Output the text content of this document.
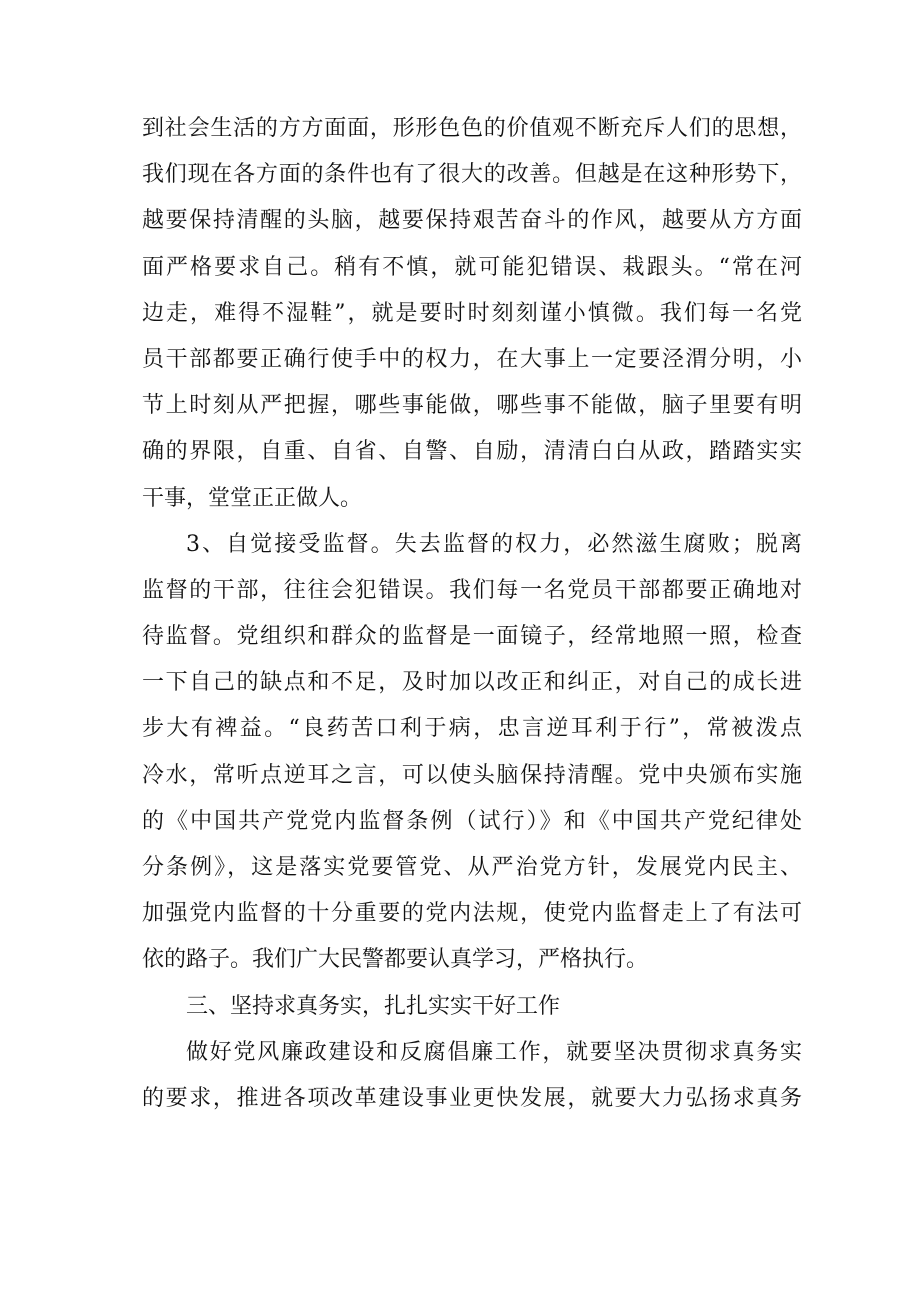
到社会生活的方方面面，形形色色的价值观不断充斥人们的思想，
我们现在各方面的条件也有了很大的改善。但越是在这种形势下，
越要保持清醒的头脑，越要保持艰苦奋斗的作风，越要从方方面
面严格要求自己。稍有不慎，就可能犯错误、栽跟头。“常在河
边走，难得不湿鞋”，就是要时时刻刻谨小慎微。我们每一名党
员干部都要正确行使手中的权力，在大事上一定要泾渭分明，小
节上时刻从严把握，哪些事能做，哪些事不能做，脑子里要有明
确的界限，自重、自省、自警、自励，清清白白从政，踏踏实实
干事，堂堂正正做人。
3、自觉接受监督。失去监督的权力，必然滋生腐败；脱离
监督的干部，往往会犯错误。我们每一名党员干部都要正确地对
待监督。党组织和群众的监督是一面镜子，经常地照一照，检查
一下自己的缺点和不足，及时加以改正和纠正，对自己的成长进
步大有裨益。“良药苦口利于病，忠言逆耳利于行”，常被泼点
冷水，常听点逆耳之言，可以使头脑保持清醒。党中央颁布实施
的《中国共产党党内监督条例（试行）》和《中国共产党纪律处
分条例》，这是落实党要管党、从严治党方针，发展党内民主、
加强党内监督的十分重要的党内法规，使党内监督走上了有法可
依的路子。我们广大民警都要认真学习，严格执行。
三、坚持求真务实，扎扎实实干好工作
做好党风廉政建设和反腐倡廉工作，就要坚决贯彻求真务实
的要求，推进各项改革建设事业更快发展，就要大力弘扬求真务
